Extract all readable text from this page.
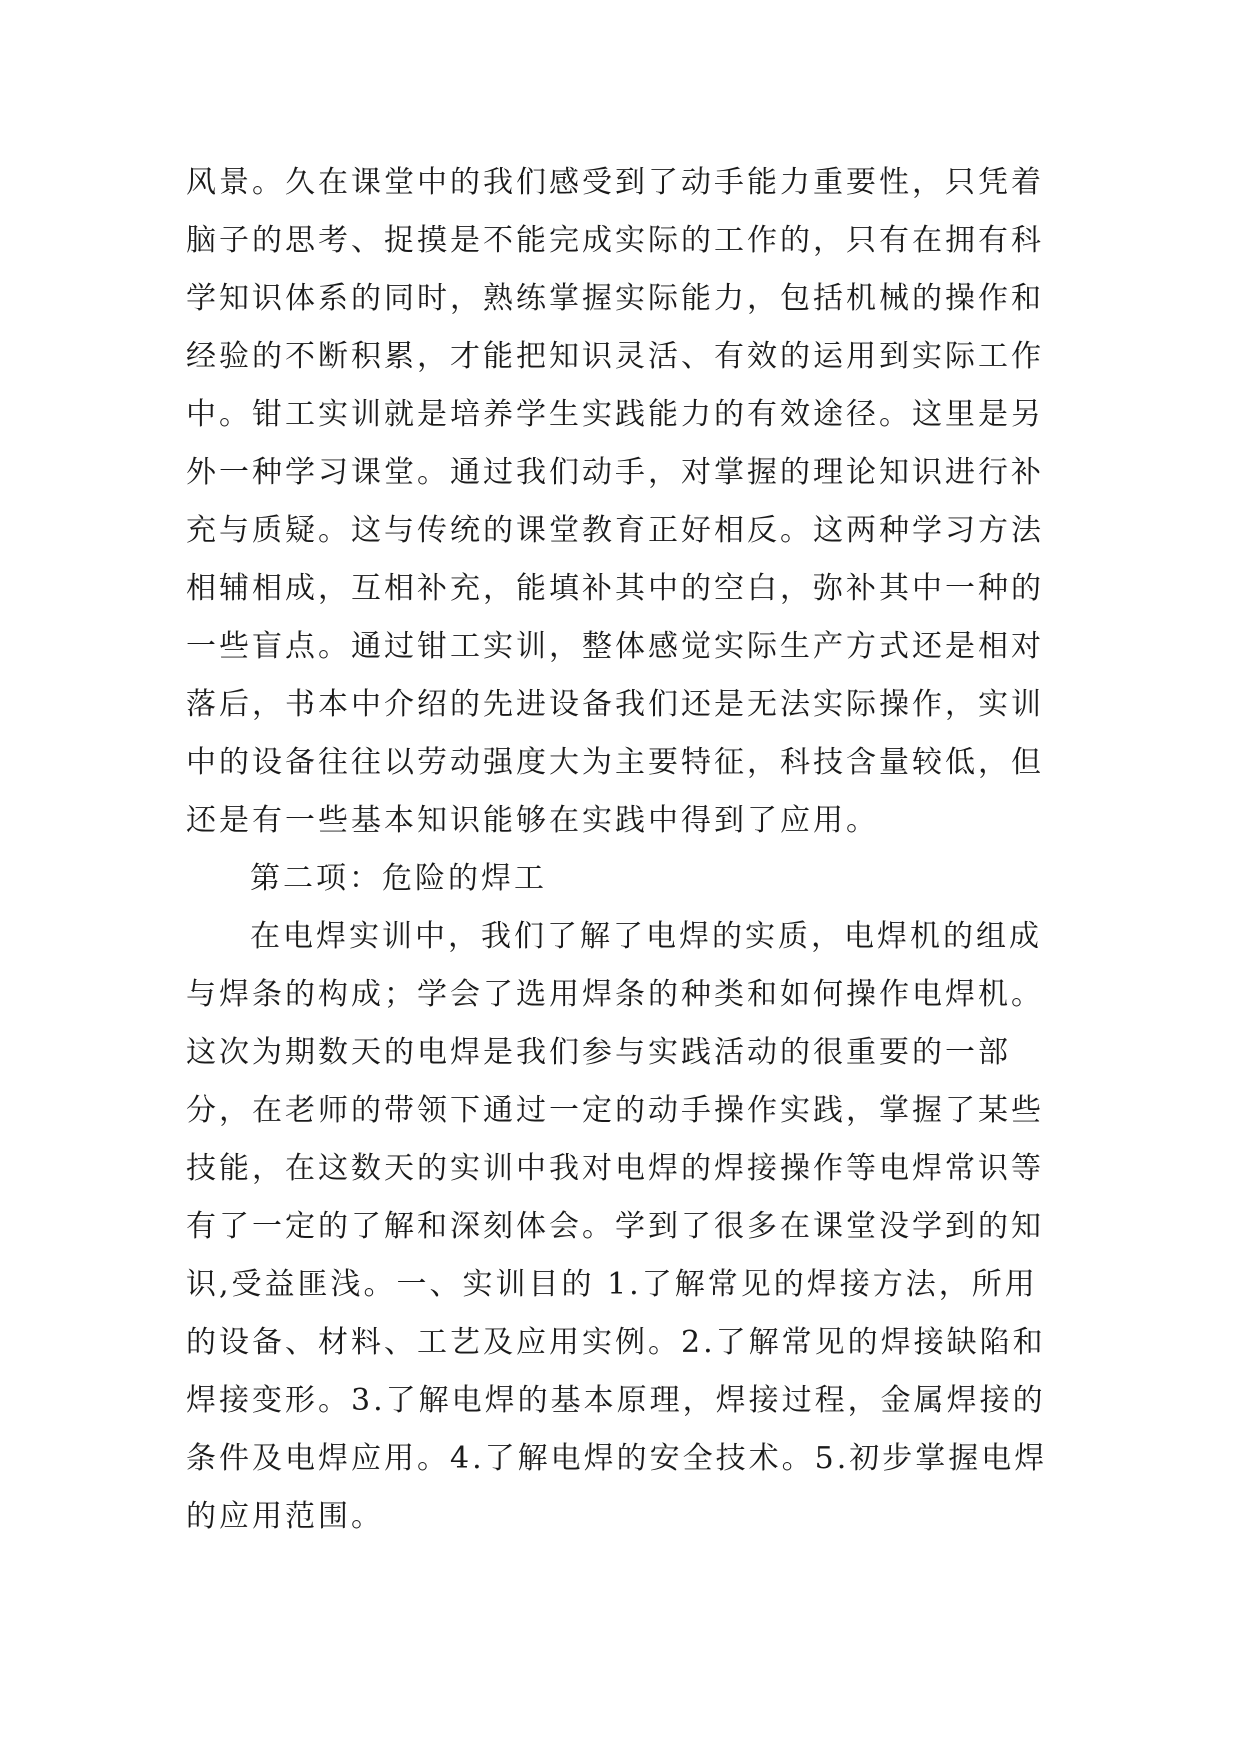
风景。久在课堂中的我们感受到了动手能力重要性，只凭着脑子的思考、捉摸是不能完成实际的工作的，只有在拥有科学知识体系的同时，熟练掌握实际能力，包括机械的操作和经验的不断积累，才能把知识灵活、有效的运用到实际工作中。钳工实训就是培养学生实践能力的有效途径。这里是另外一种学习课堂。通过我们动手，对掌握的理论知识进行补充与质疑。这与传统的课堂教育正好相反。这两种学习方法相辅相成，互相补充，能填补其中的空白，弥补其中一种的一些盲点。通过钳工实训，整体感觉实际生产方式还是相对落后，书本中介绍的先进设备我们还是无法实际操作，实训中的设备往往以劳动强度大为主要特征，科技含量较低，但还是有一些基本知识能够在实践中得到了应用。

第二项：危险的焊工

在电焊实训中，我们了解了电焊的实质，电焊机的组成与焊条的构成；学会了选用焊条的种类和如何操作电焊机。这次为期数天的电焊是我们参与实践活动的很重要的一部分，在老师的带领下通过一定的动手操作实践，掌握了某些技能，在这数天的实训中我对电焊的焊接操作等电焊常识等有了一定的了解和深刻体会。学到了很多在课堂没学到的知识,受益匪浅。一、实训目的 1.了解常见的焊接方法，所用的设备、材料、工艺及应用实例。2.了解常见的焊接缺陷和焊接变形。3.了解电焊的基本原理，焊接过程，金属焊接的条件及电焊应用。4.了解电焊的安全技术。5.初步掌握电焊的应用范围。
